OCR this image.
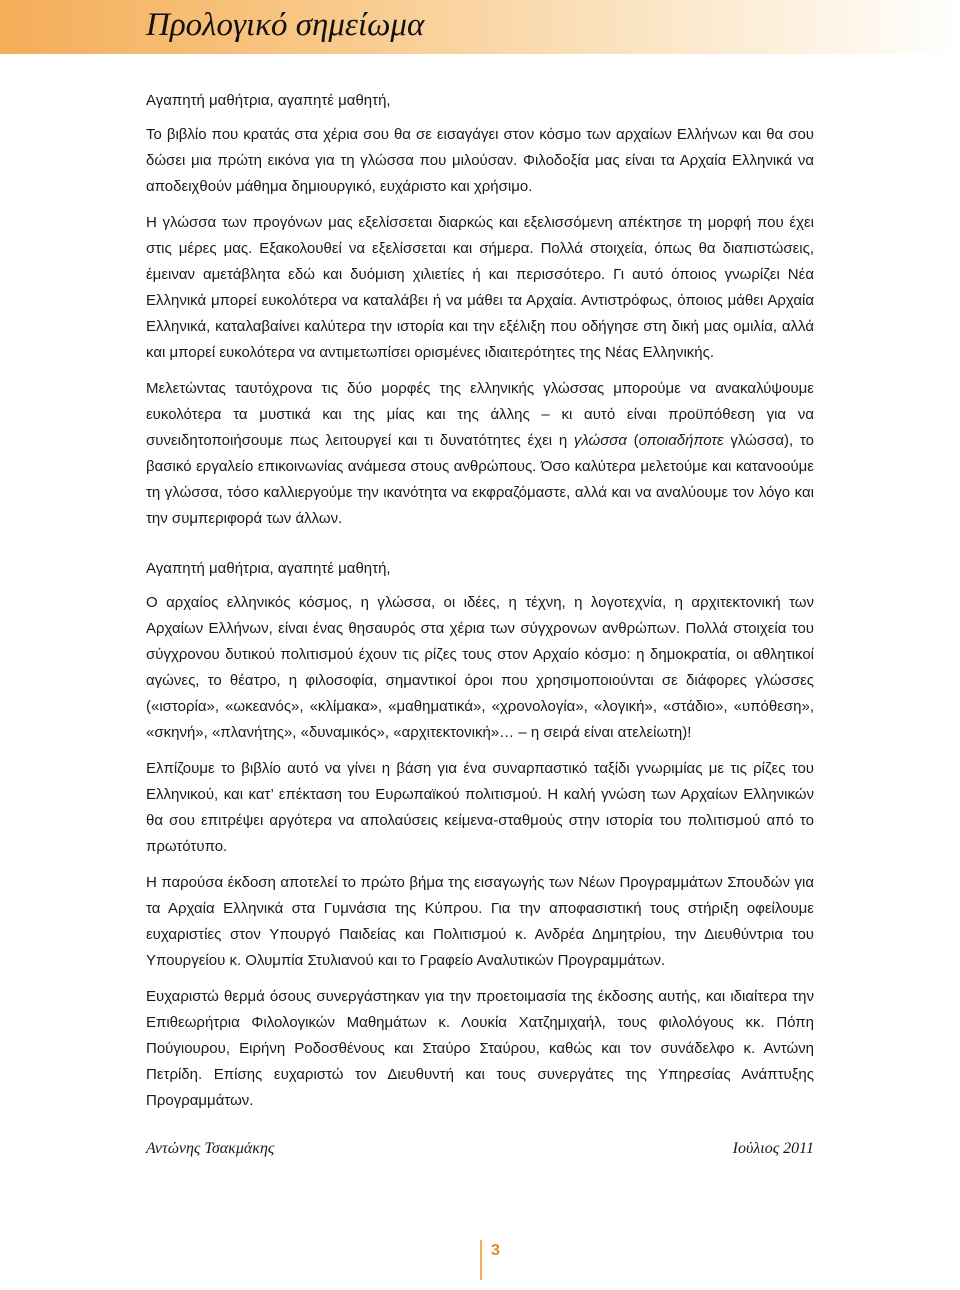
Προλογικό σημείωμα

Αγαπητή μαθήτρια, αγαπητέ μαθητή,

Το βιβλίο που κρατάς στα χέρια σου θα σε εισαγάγει στον κόσμο των αρχαίων Ελλήνων και θα σου δώσει μια πρώτη εικόνα για τη γλώσσα που μιλούσαν. Φιλοδοξία μας είναι τα Αρχαία Ελληνικά να αποδειχθούν μάθημα δημιουργικό, ευχάριστο και χρήσιμο.

Η γλώσσα των προγόνων μας εξελίσσεται διαρκώς και εξελισσόμενη απέκτησε τη μορφή που έχει στις μέρες μας. Εξακολουθεί να εξελίσσεται και σήμερα. Πολλά στοιχεία, όπως θα διαπιστώσεις, έμειναν αμετάβλητα εδώ και δυόμιση χιλιετίες ή και περισσότερο. Γι αυτό όποιος γνωρίζει Νέα Ελληνικά μπορεί ευκολότερα να καταλάβει ή να μάθει τα Αρχαία. Αντιστρόφως, όποιος μάθει Αρχαία Ελληνικά, καταλαβαίνει καλύτερα την ιστορία και την εξέλιξη που οδήγησε στη δική μας ομιλία, αλλά και μπορεί ευκολότερα να αντιμετωπίσει ορισμένες ιδιαιτερότητες της Νέας Ελληνικής.

Μελετώντας ταυτόχρονα τις δύο μορφές της ελληνικής γλώσσας μπορούμε να ανακαλύψουμε ευκολότερα τα μυστικά και της μίας και της άλλης – κι αυτό είναι προϋπόθεση για να συνειδητοποιήσουμε πως λειτουργεί και τι δυνατότητες έχει η γλώσσα (οποιαδήποτε γλώσσα), το βασικό εργαλείο επικοινωνίας ανάμεσα στους ανθρώπους. Όσο καλύτερα μελετούμε και κατανοούμε τη γλώσσα, τόσο καλλιεργούμε την ικανότητα να εκφραζόμαστε, αλλά και να αναλύουμε τον λόγο και την συμπεριφορά των άλλων.

Αγαπητή μαθήτρια, αγαπητέ μαθητή,

Ο αρχαίος ελληνικός κόσμος, η γλώσσα, οι ιδέες, η τέχνη, η λογοτεχνία, η αρχιτεκτονική των Αρχαίων Ελλήνων, είναι ένας θησαυρός στα χέρια των σύγχρονων ανθρώπων. Πολλά στοιχεία του σύγχρονου δυτικού πολιτισμού έχουν τις ρίζες τους στον Αρχαίο κόσμο: η δημοκρατία, οι αθλητικοί αγώνες, το θέατρο, η φιλοσοφία, σημαντικοί όροι που χρησιμοποιούνται σε διάφορες γλώσσες («ιστορία», «ωκεανός», «κλίμακα», «μαθηματικά», «χρονολογία», «λογική», «στάδιο», «υπόθεση», «σκηνή», «πλανήτης», «δυναμικός», «αρχιτεκτονική»… – η σειρά είναι ατελείωτη)!

Ελπίζουμε το βιβλίο αυτό να γίνει η βάση για ένα συναρπαστικό ταξίδι γνωριμίας με τις ρίζες του Ελληνικού, και κατ’ επέκταση του Ευρωπαϊκού πολιτισμού. Η καλή γνώση των Αρχαίων Ελληνικών θα σου επιτρέψει αργότερα να απολαύσεις κείμενα-σταθμούς στην ιστορία του πολιτισμού από το πρωτότυπο.

Η παρούσα έκδοση αποτελεί το πρώτο βήμα της εισαγωγής των Νέων Προγραμμάτων Σπουδών για τα Αρχαία Ελληνικά στα Γυμνάσια της Κύπρου. Για την αποφασιστική τους στήριξη οφείλουμε ευχαριστίες στον Υπουργό Παιδείας και Πολιτισμού κ. Ανδρέα Δημητρίου, την Διευθύντρια του Υπουργείου κ. Ολυμπία Στυλιανού και το Γραφείο Αναλυτικών Προγραμμάτων.

Ευχαριστώ θερμά όσους συνεργάστηκαν για την προετοιμασία της έκδοσης αυτής, και ιδιαίτερα την Επιθεωρήτρια Φιλολογικών Μαθημάτων κ. Λουκία Χατζημιχαήλ, τους φιλολόγους κκ. Πόπη Πούγιουρου, Ειρήνη Ροδοσθένους και Σταύρο Σταύρου, καθώς και τον συνάδελφο κ. Αντώνη Πετρίδη. Επίσης ευχαριστώ τον Διευθυντή και τους συνεργάτες της Υπηρεσίας Ανάπτυξης Προγραμμάτων.

Αντώνης Τσακμάκης	Ιούλιος 2011
3
